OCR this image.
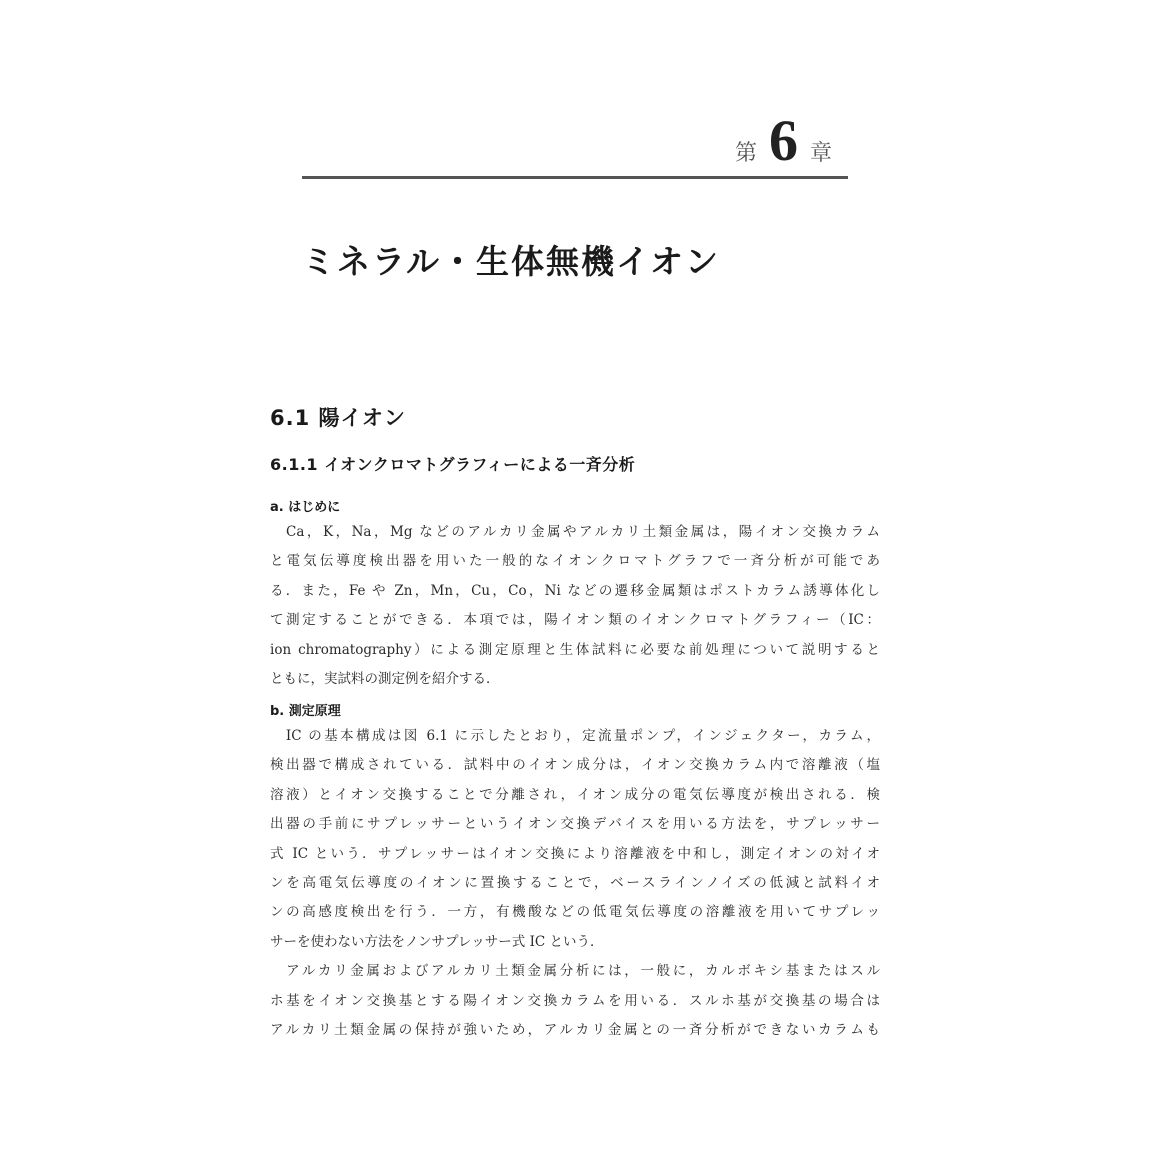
第 6 章
ミネラル・生体無機イオン
6.1 陽イオン
6.1.1 イオンクロマトグラフィーによる一斉分析
a. はじめに
　Ca，K，Na，Mg などのアルカリ金属やアルカリ土類金属は，陽イオン交換カラム
と電気伝導度検出器を用いた一般的なイオンクロマトグラフで一斉分析が可能であ
る．また，Fe や Zn，Mn，Cu，Co，Ni などの遷移金属類はポストカラム誘導体化し
て測定することができる．本項では，陽イオン類のイオンクロマトグラフィー（IC：
ion chromatography）による測定原理と生体試料に必要な前処理について説明すると
ともに，実試料の測定例を紹介する．
b. 測定原理
　IC の基本構成は図 6.1 に示したとおり，定流量ポンプ，インジェクター，カラム，
検出器で構成されている．試料中のイオン成分は，イオン交換カラム内で溶離液（塩
溶液）とイオン交換することで分離され，イオン成分の電気伝導度が検出される．検
出器の手前にサプレッサーというイオン交換デバイスを用いる方法を，サプレッサー
式 IC という．サプレッサーはイオン交換により溶離液を中和し，測定イオンの対イオ
ンを高電気伝導度のイオンに置換することで，ベースラインノイズの低減と試料イオ
ンの高感度検出を行う．一方，有機酸などの低電気伝導度の溶離液を用いてサプレッ
サーを使わない方法をノンサプレッサー式 IC という．
　アルカリ金属およびアルカリ土類金属分析には，一般に，カルボキシ基またはスル
ホ基をイオン交換基とする陽イオン交換カラムを用いる．スルホ基が交換基の場合は
アルカリ土類金属の保持が強いため，アルカリ金属との一斉分析ができないカラムも
